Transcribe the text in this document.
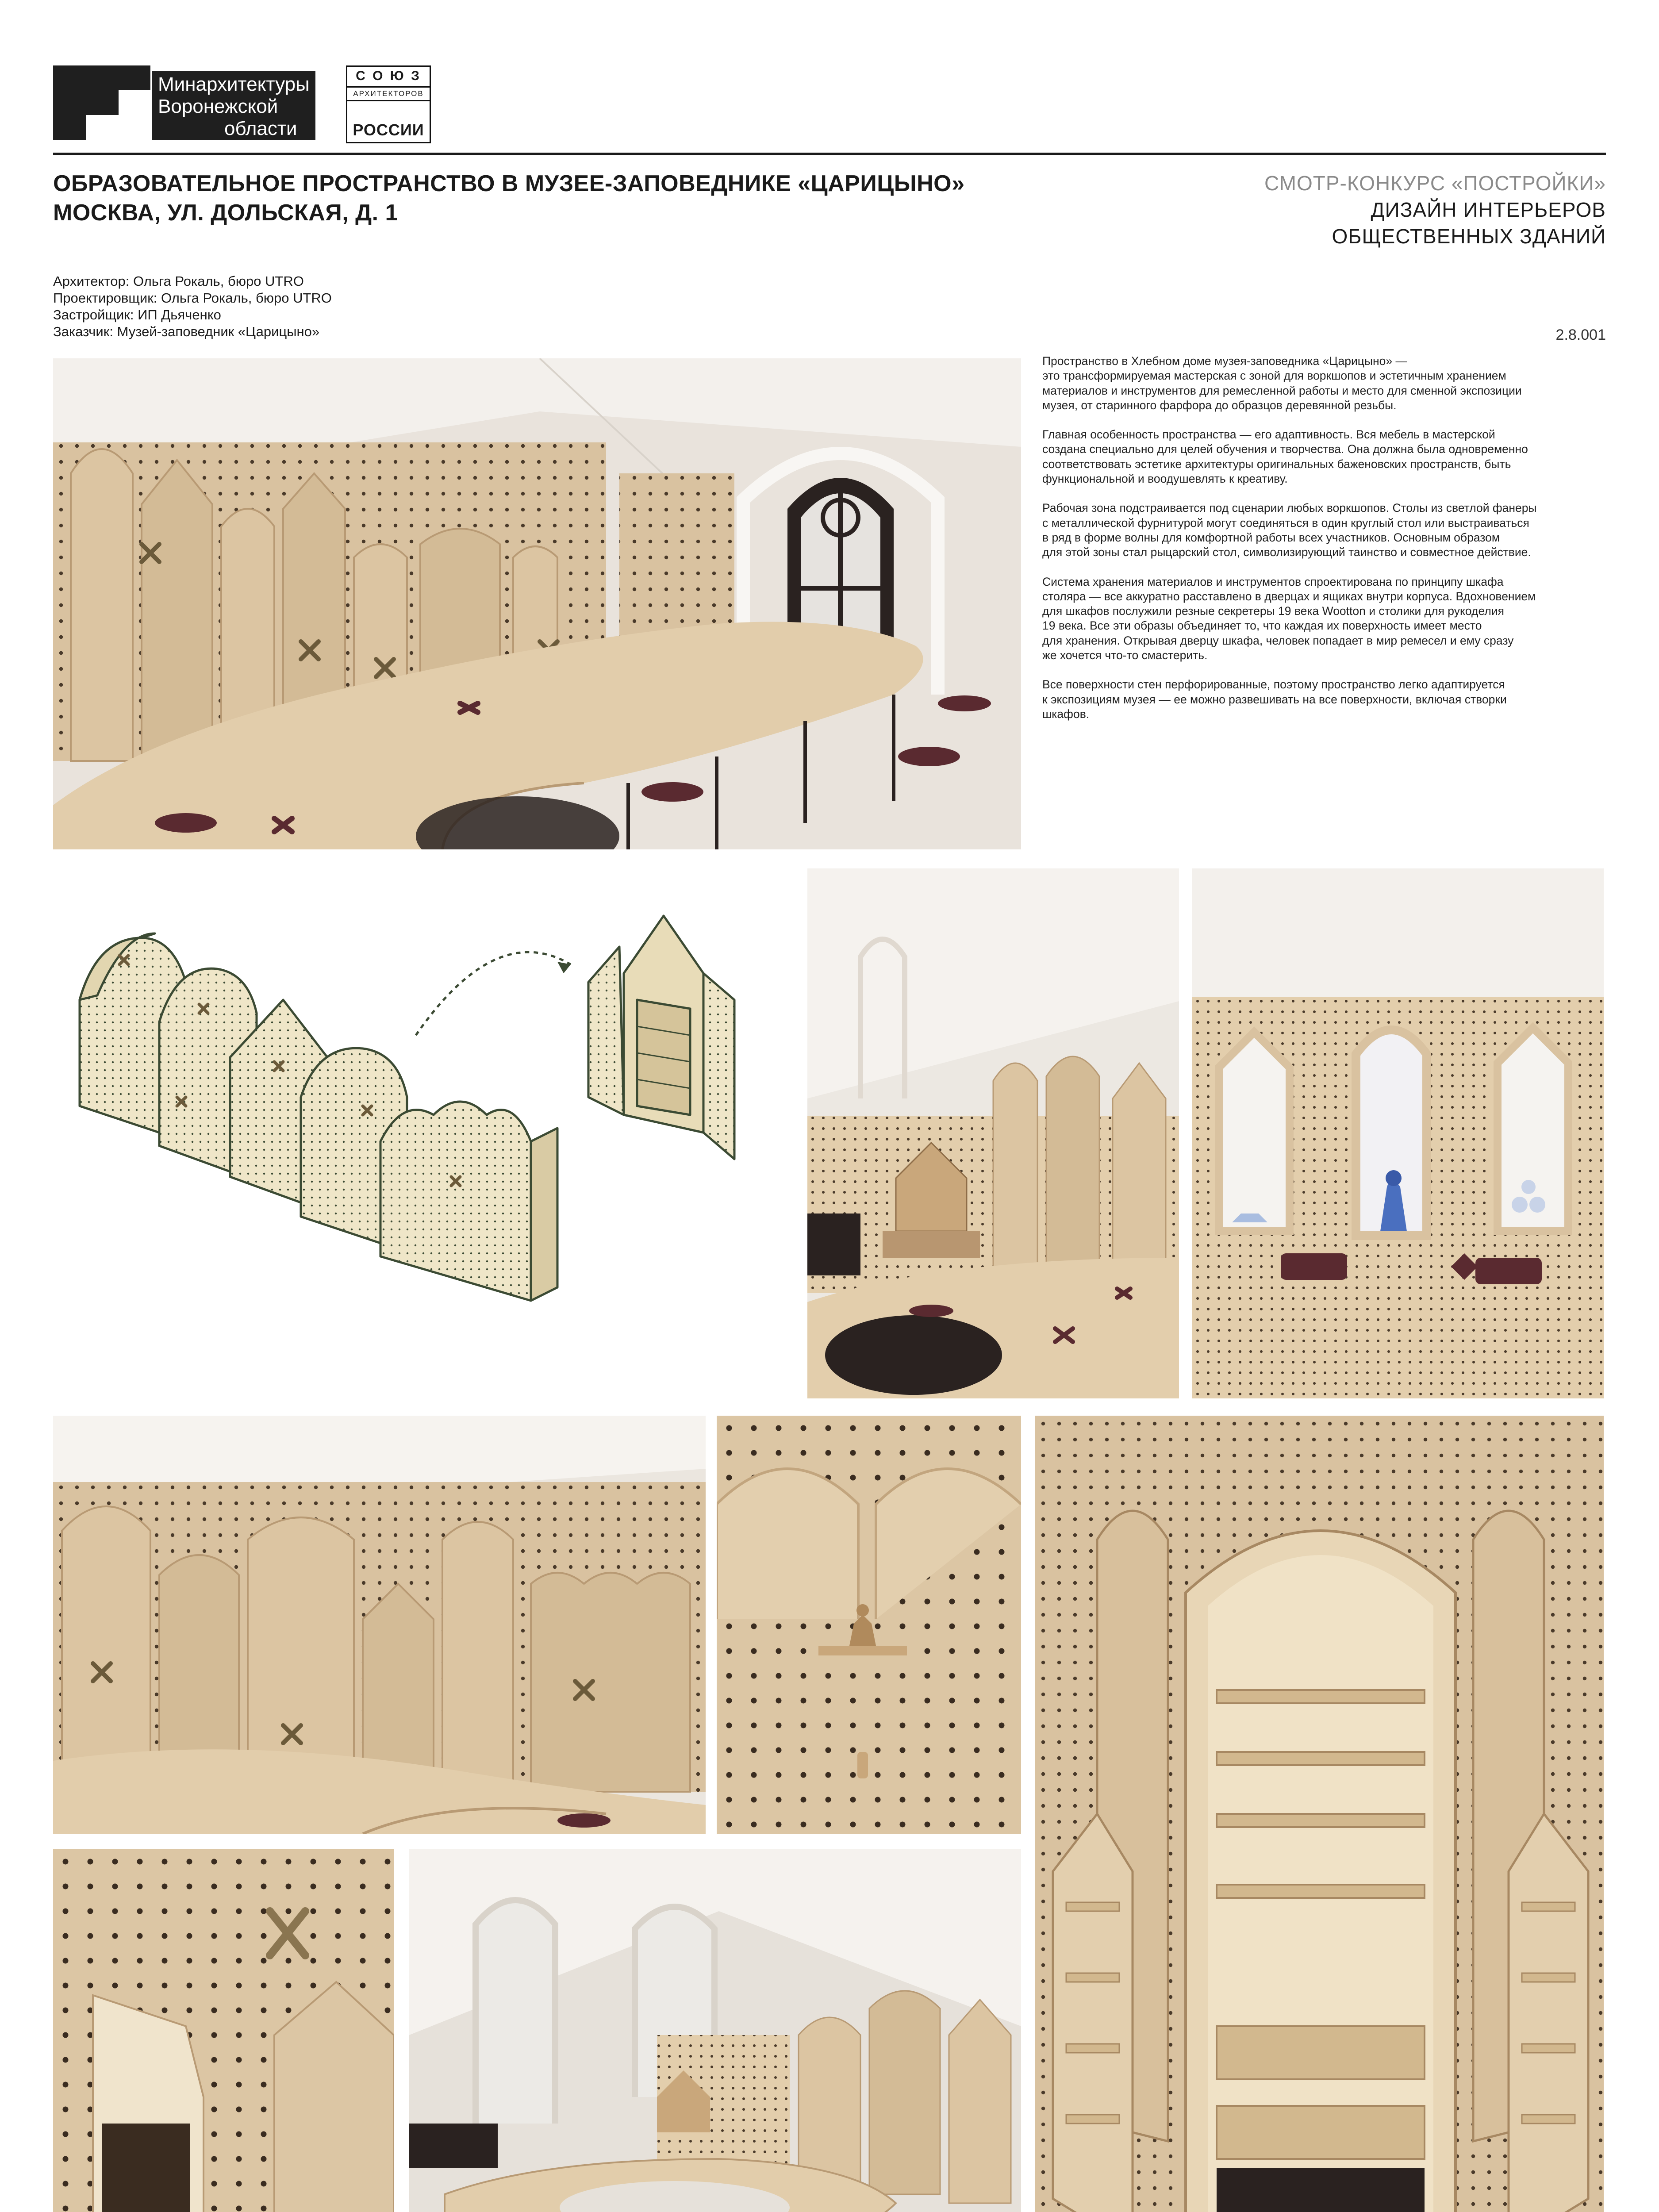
Минархитектуры
Воронежской
области
С О Ю З
АРХИТЕКТОРОВ
РОССИИ
ОБРАЗОВАТЕЛЬНОЕ ПРОСТРАНСТВО В МУЗЕЕ-ЗАПОВЕДНИКЕ «ЦАРИЦЫНО»
МОСКВА, УЛ. ДОЛЬСКАЯ, Д. 1
СМОТР-КОНКУРС «ПОСТРОЙКИ»
ДИЗАЙН ИНТЕРЬЕРОВ
ОБЩЕСТВЕННЫХ ЗДАНИЙ
Архитектор: Ольга Рокаль, бюро UTRO
Проектировщик: Ольга Рокаль, бюро UTRO
Застройщик: ИП Дьяченко
Заказчик: Музей-заповедник «Царицыно»	2.8.001

Пространство в Хлебном доме музея-заповедника «Царицыно» —
это трансформируемая мастерская с зоной для воркшопов и эстетичным хранением
материалов и инструментов для ремесленной работы и место для сменной экспозиции
музея, от старинного фарфора до образцов деревянной резьбы.

Главная особенность пространства — его адаптивность. Вся мебель в мастерской
создана специально для целей обучения и творчества. Она должна была одновременно
соответствовать эстетике архитектуры оригинальных баженовских пространств, быть
функциональной и воодушевлять к креативу.

Рабочая зона подстраивается под сценарии любых воркшопов. Столы из светлой фанеры
с металлической фурнитурой могут соединяться в один круглый стол или выстраиваться
в ряд в форме волны для комфортной работы всех участников. Основным образом
для этой зоны стал рыцарский стол, символизирующий таинство и совместное действие.

Система хранения материалов и инструментов спроектирована по принципу шкафа
столяра — все аккуратно расставлено в дверцах и ящиках внутри корпуса. Вдохновением
для шкафов послужили резные секретеры 19 века Wootton и столики для рукоделия
19 века. Все эти образы объединяет то, что каждая их поверхность имеет место
для хранения. Открывая дверцу шкафа, человек попадает в мир ремесел и ему сразу
же хочется что-то смастерить.

Все поверхности стен перфорированные, поэтому пространство легко адаптируется
к экспозициям музея — ее можно развешивать на все поверхности, включая створки
шкафов.
